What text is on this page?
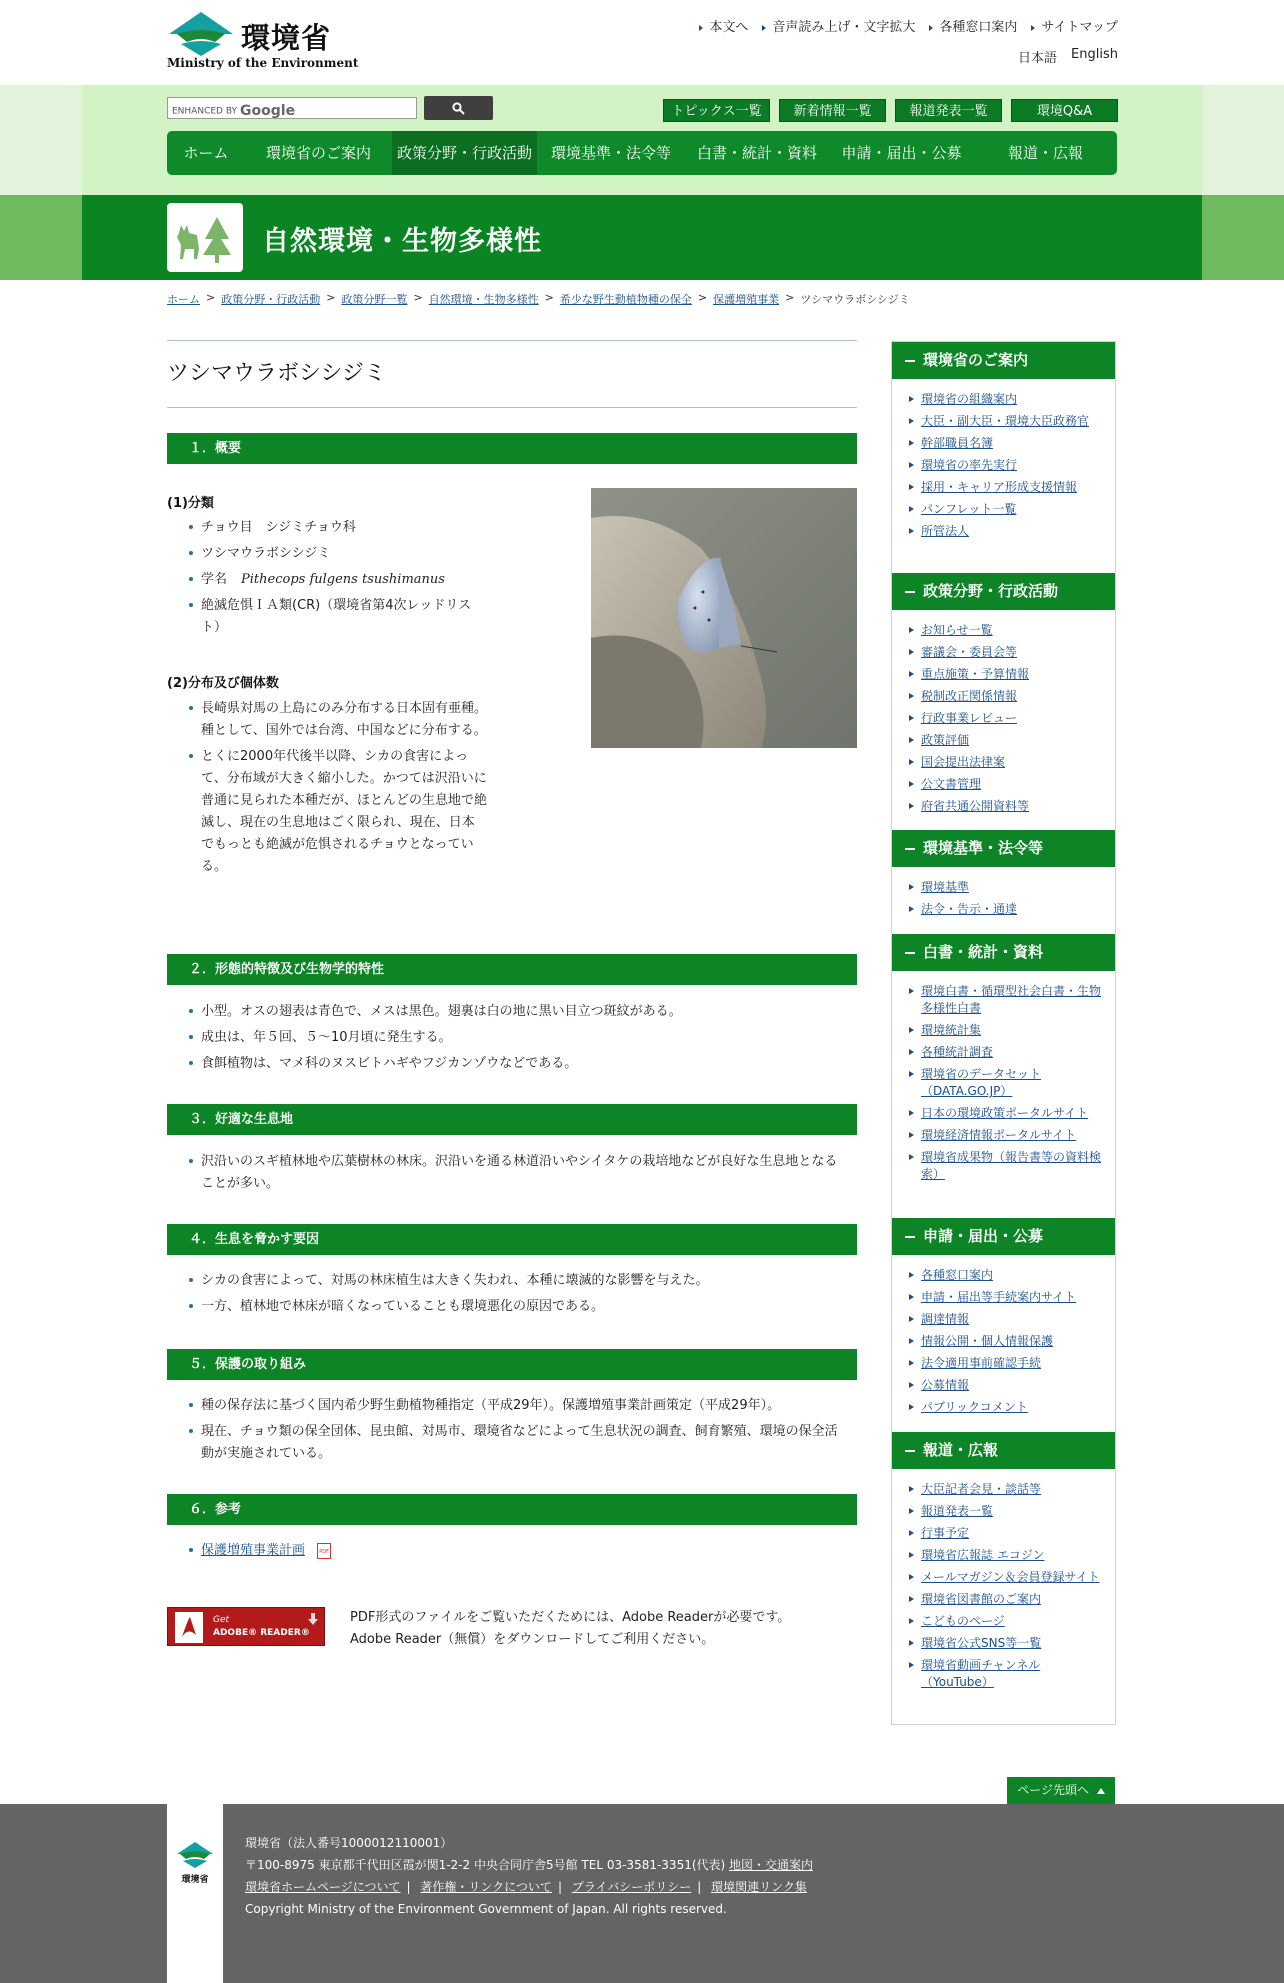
環境省
Ministry of the Environment
本文へ	音声読み上げ・文字拡大	各種窓口案内	サイトマップ
日本語 English
ENHANCED BY Google	トピックス一覧	新着情報一覧	報道発表一覧	環境Q&A
ホーム	環境省のご案内	政策分野・行政活動	環境基準・法令等	白書・統計・資料	申請・届出・公募	報道・広報
自然環境・生物多様性
ホーム > 政策分野・行政活動 > 政策分野一覧 > 自然環境・生物多様性 > 希少な野生動植物種の保全 > 保護増殖事業 > ツシマウラボシシジミ
ツシマウラボシシジミ
１．概要
(1)分類
チョウ目　シジミチョウ科
ツシマウラボシシジミ
学名 Pithecops fulgens tsushimanus
絶滅危惧ＩＡ類(CR)（環境省第4次レッドリスト）
(2)分布及び個体数
長崎県対馬の上島にのみ分布する日本固有亜種。種として、国外では台湾、中国などに分布する。
とくに2000年代後半以降、シカの食害によって、分布域が大きく縮小した。かつては沢沿いに普通に見られた本種だが、ほとんどの生息地で絶滅し、現在の生息地はごく限られ、現在、日本でもっとも絶滅が危惧されるチョウとなっている。
２．形態的特徴及び生物学的特性
小型。オスの翅表は青色で、メスは黒色。翅裏は白の地に黒い目立つ斑紋がある。
成虫は、年５回、５～10月頃に発生する。
食餌植物は、マメ科のヌスビトハギやフジカンゾウなどである。
３．好適な生息地
沢沿いのスギ植林地や広葉樹林の林床。沢沿いを通る林道沿いやシイタケの栽培地などが良好な生息地となることが多い。
４．生息を脅かす要因
シカの食害によって、対馬の林床植生は大きく失われ、本種に壊滅的な影響を与えた。
一方、植林地で林床が暗くなっていることも環境悪化の原因である。
５．保護の取り組み
種の保存法に基づく国内希少野生動植物種指定（平成29年）。保護増殖事業計画策定（平成29年）。
現在、チョウ類の保全団体、昆虫館、対馬市、環境省などによって生息状況の調査、飼育繁殖、環境の保全活動が実施されている。
６．参考
保護増殖事業計画	PDF
Get
ADOBE® READER®
PDF形式のファイルをご覧いただくためには、Adobe Readerが必要です。
Adobe Reader（無償）をダウンロードしてご利用ください。
環境省のご案内
環境省の組織案内
大臣・副大臣・環境大臣政務官
幹部職員名簿
環境省の率先実行
採用・キャリア形成支援情報
パンフレット一覧
所管法人
政策分野・行政活動
お知らせ一覧
審議会・委員会等
重点施策・予算情報
税制改正関係情報
行政事業レビュー
政策評価
国会提出法律案
公文書管理
府省共通公開資料等
環境基準・法令等
環境基準
法令・告示・通達
白書・統計・資料
環境白書・循環型社会白書・生物多様性白書
環境統計集
各種統計調査
環境省のデータセット（DATA.GO.JP）
日本の環境政策ポータルサイト
環境経済情報ポータルサイト
環境省成果物（報告書等の資料検索）
申請・届出・公募
各種窓口案内
申請・届出等手続案内サイト
調達情報
情報公開・個人情報保護
法令適用事前確認手続
公募情報
パブリックコメント
報道・広報
大臣記者会見・談話等
報道発表一覧
行事予定
環境省広報誌 エコジン
メールマガジン＆会員登録サイト
環境省図書館のご案内
こどものページ
環境省公式SNS等一覧
環境省動画チャンネル（YouTube）
ページ先頭へ
環境省
環境省（法人番号1000012110001）
〒100-8975 東京都千代田区霞が関1-2-2 中央合同庁舎5号館 TEL 03-3581-3351(代表) 地図・交通案内
環境省ホームページについて | 著作権・リンクについて | プライバシーポリシー | 環境関連リンク集
Copyright Ministry of the Environment Government of Japan. All rights reserved.
